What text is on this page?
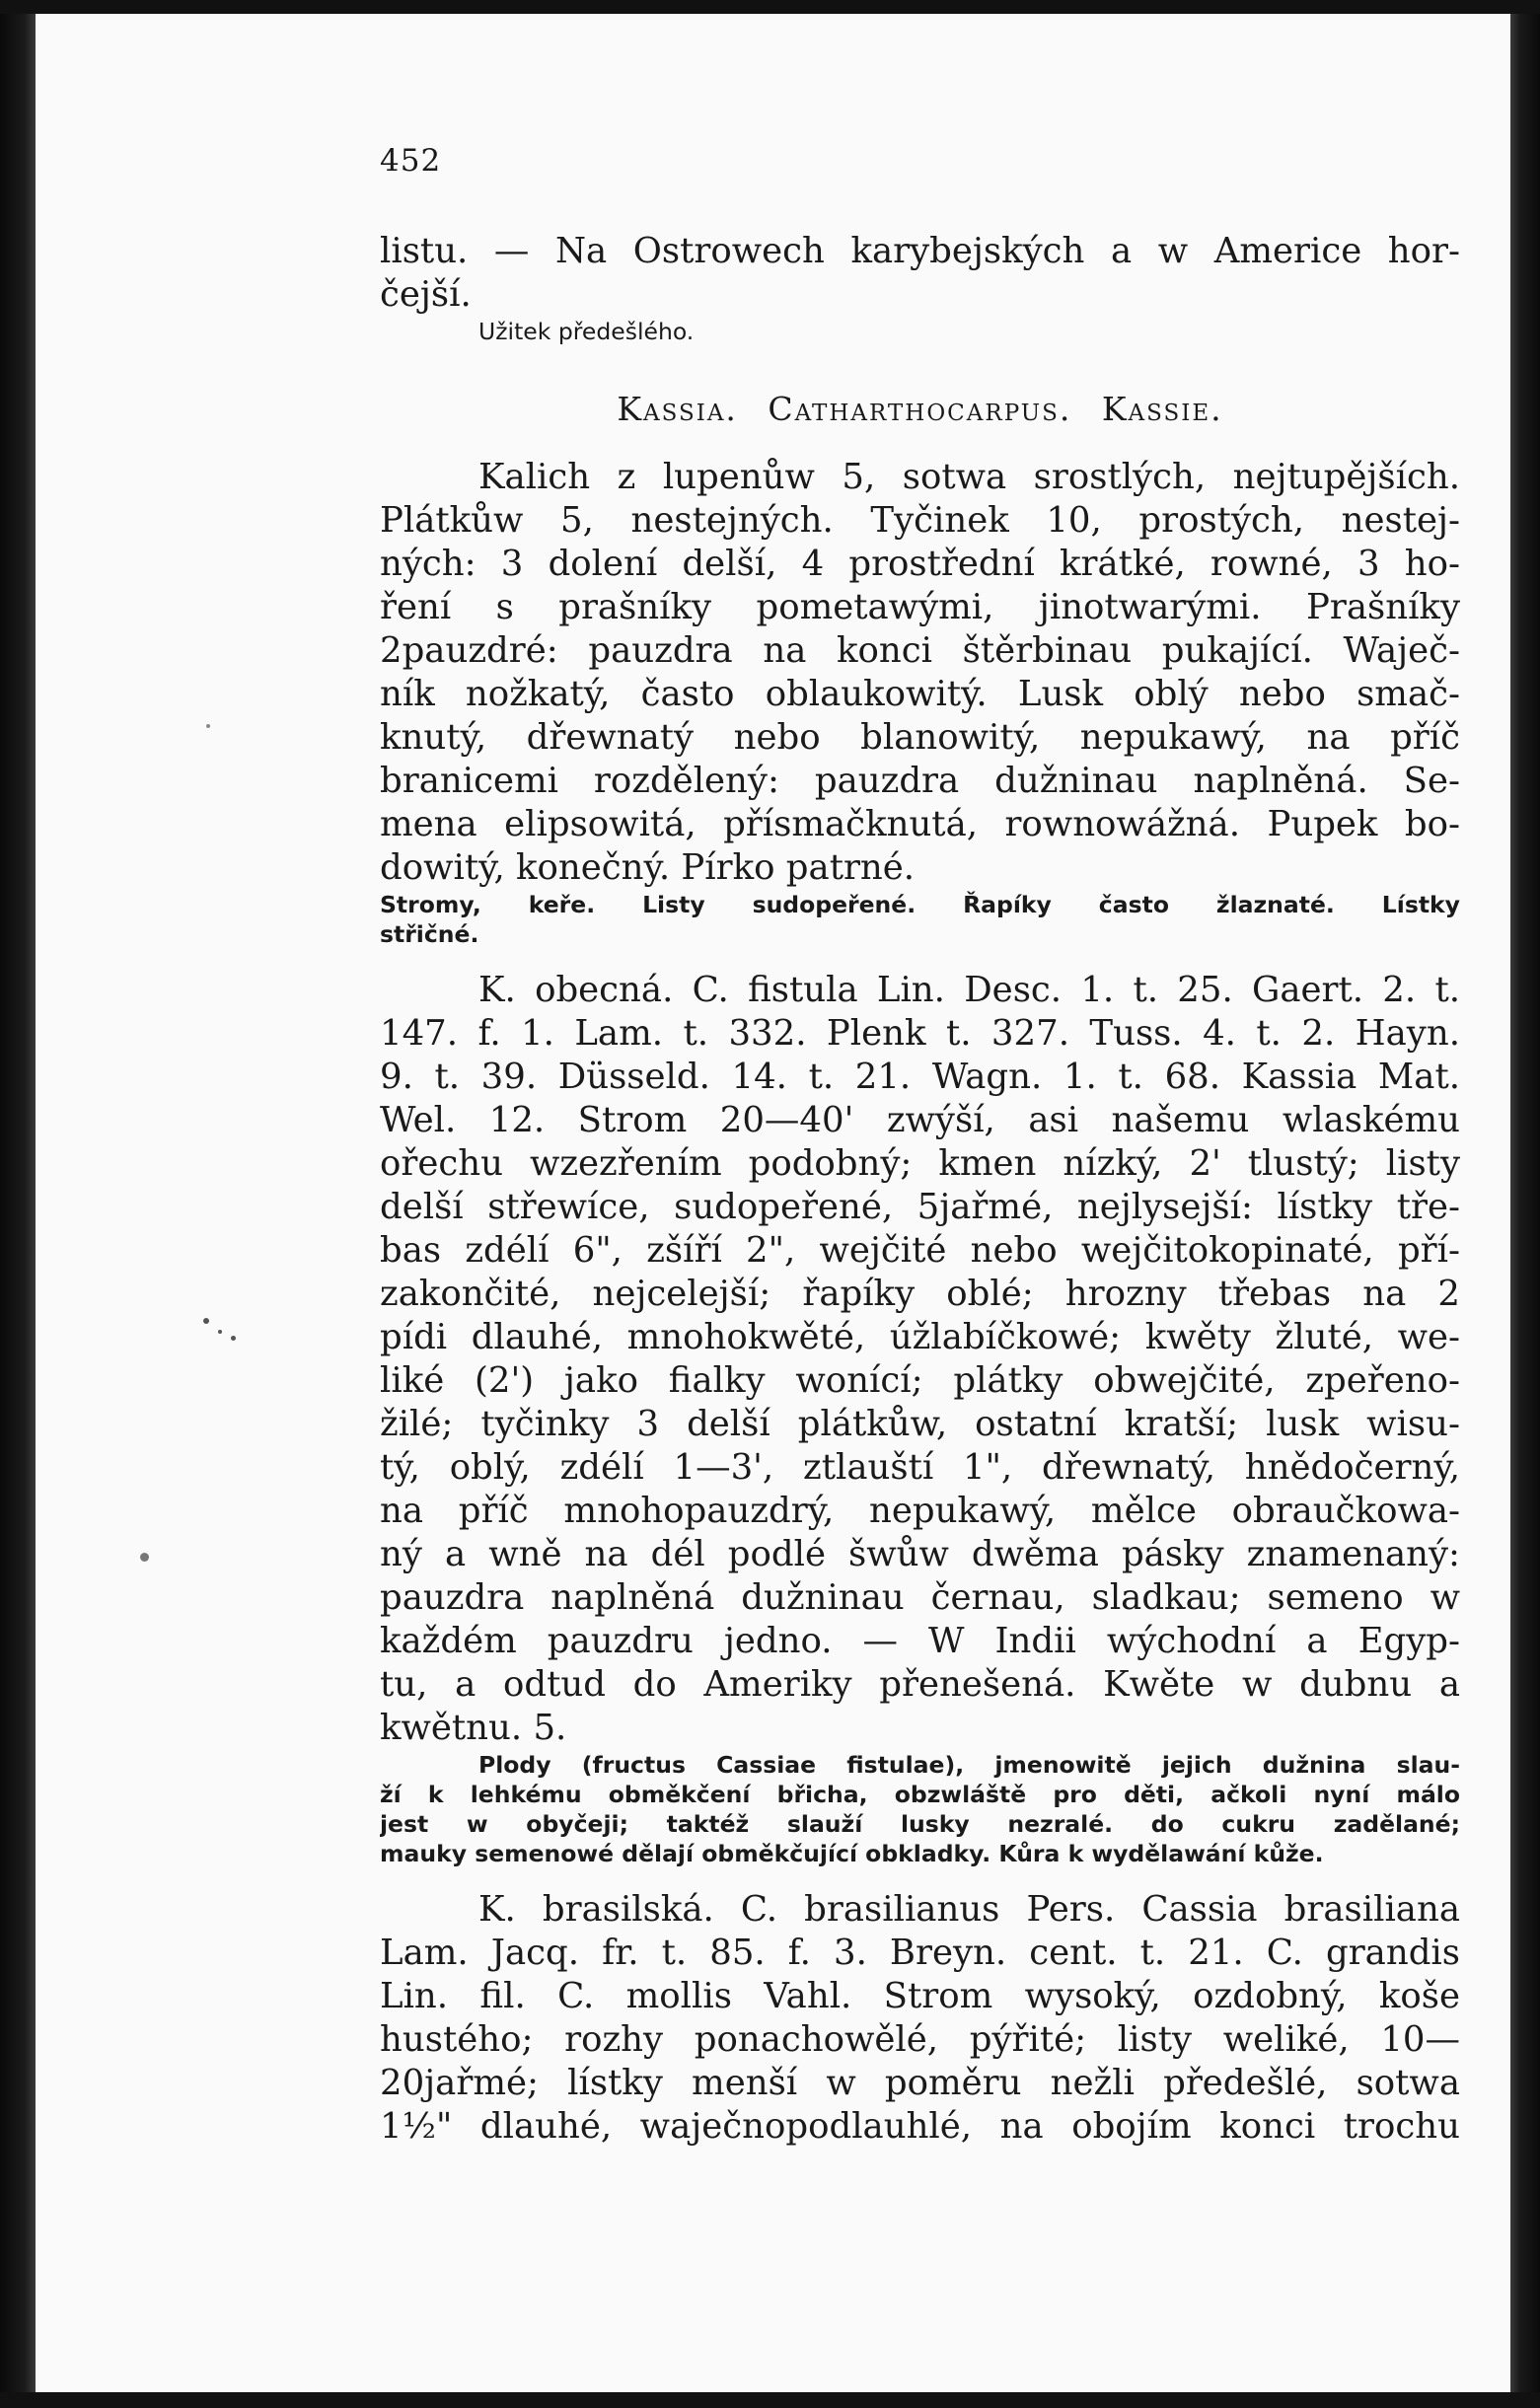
452
listu. — Na Ostrowech karybejských a w Americe hor-
čejší.
Užitek předešlého.
Kassia. Catharthocarpus. Kassie.
Kalich z lupenůw 5, sotwa srostlých, nejtupějších.
Plátkůw 5, nestejných. Tyčinek 10, prostých, nestej-
ných: 3 dolení delší, 4 prostřední krátké, rowné, 3 ho-
ření s prašníky pometawými, jinotwarými. Prašníky
2pauzdré: pauzdra na konci štěrbinau pukající. Waječ-
ník nožkatý, často oblaukowitý. Lusk oblý nebo smač-
knutý, dřewnatý nebo blanowitý, nepukawý, na příč
branicemi rozdělený: pauzdra dužninau naplněná. Se-
mena elipsowitá, přísmačknutá, rownowážná. Pupek bo-
dowitý, konečný. Pírko patrné.
Stromy, keře. Listy sudopeřené. Řapíky často žlaznaté. Lístky
střičné.
K. obecná. C. fistula Lin. Desc. 1. t. 25. Gaert. 2. t.
147. f. 1. Lam. t. 332. Plenk t. 327. Tuss. 4. t. 2. Hayn.
9. t. 39. Düsseld. 14. t. 21. Wagn. 1. t. 68. Kassia Mat.
Wel. 12. Strom 20—40' zwýší, asi našemu wlaskému
ořechu wzezřením podobný; kmen nízký, 2' tlustý; listy
delší střewíce, sudopeřené, 5jařmé, nejlysejší: lístky tře-
bas zdélí 6", zšíří 2", wejčité nebo wejčitokopinaté, pří-
zakončité, nejcelejší; řapíky oblé; hrozny třebas na 2
pídi dlauhé, mnohokwěté, úžlabíčkowé; kwěty žluté, we-
liké (2') jako fialky wonící; plátky obwejčité, zpeřeno-
žilé; tyčinky 3 delší plátkůw, ostatní kratší; lusk wisu-
tý, oblý, zdélí 1—3', ztlauští 1", dřewnatý, hnědočerný,
na příč mnohopauzdrý, nepukawý, mělce obraučkowa-
ný a wně na dél podlé šwůw dwěma pásky znamenaný:
pauzdra naplněná dužninau černau, sladkau; semeno w
každém pauzdru jedno. — W Indii wýchodní a Egyp-
tu, a odtud do Ameriky přenešená. Kwěte w dubnu a
kwětnu. 5.
Plody (fructus Cassiae fistulae), jmenowitě jejich dužnina slau-
ží k lehkému obměkčení břicha, obzwláště pro děti, ačkoli nyní málo
jest w obyčeji; taktéž slauží lusky nezralé. do cukru zadělané;
mauky semenowé dělají obměkčující obkladky. Kůra k wydělawání kůže.
K. brasilská. C. brasilianus Pers. Cassia brasiliana
Lam. Jacq. fr. t. 85. f. 3. Breyn. cent. t. 21. C. grandis
Lin. fil. C. mollis Vahl. Strom wysoký, ozdobný, koše
hustého; rozhy ponachowělé, pýřité; listy weliké, 10—
20jařmé; lístky menší w poměru nežli předešlé, sotwa
1½" dlauhé, waječnopodlauhlé, na obojím konci trochu
